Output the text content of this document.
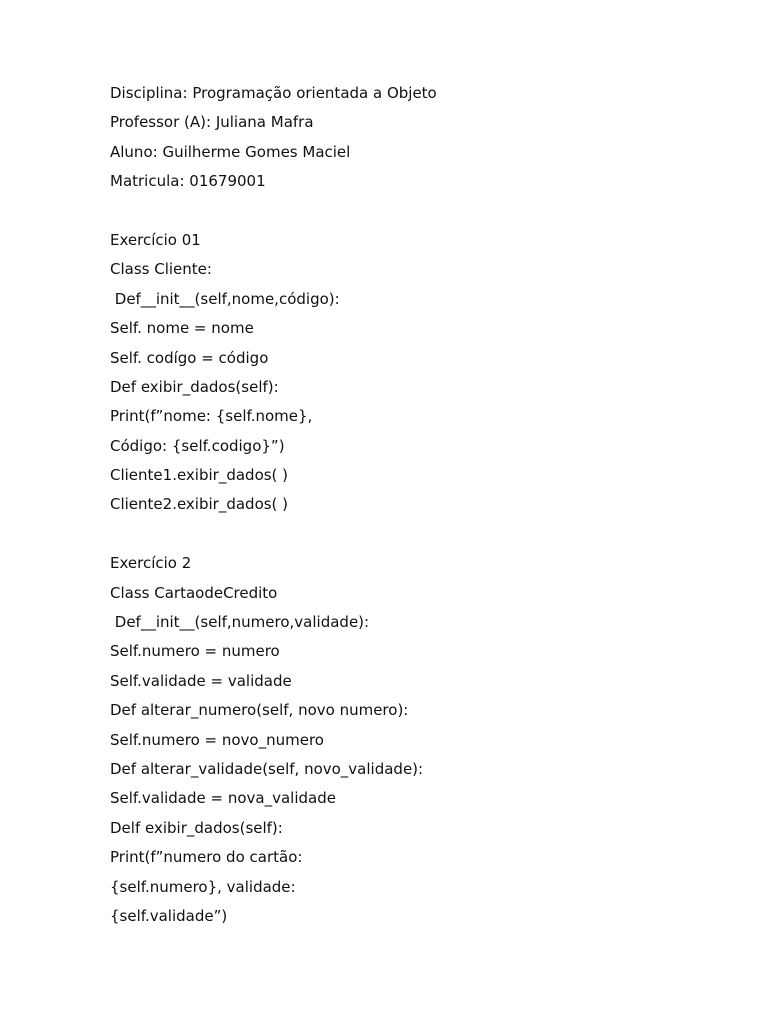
Disciplina: Programação orientada a Objeto

Professor (A): Juliana Mafra

Aluno: Guilherme Gomes Maciel

Matricula: 01679001

Exercício 01

Class Cliente:

Def__init__(self,nome,código):

Self. nome = nome

Self. codígo = código

Def exibir_dados(self):

Print(f”nome: {self.nome},

Código: {self.codigo}”)

Cliente1.exibir_dados( )

Cliente2.exibir_dados( )

Exercício 2

Class CartaodeCredito

Def__init__(self,numero,validade):

Self.numero = numero

Self.validade = validade

Def alterar_numero(self, novo numero):

Self.numero = novo_numero

Def alterar_validade(self, novo_validade):

Self.validade = nova_validade

Delf exibir_dados(self):

Print(f”numero do cartão:

{self.numero}, validade:

{self.validade”)
